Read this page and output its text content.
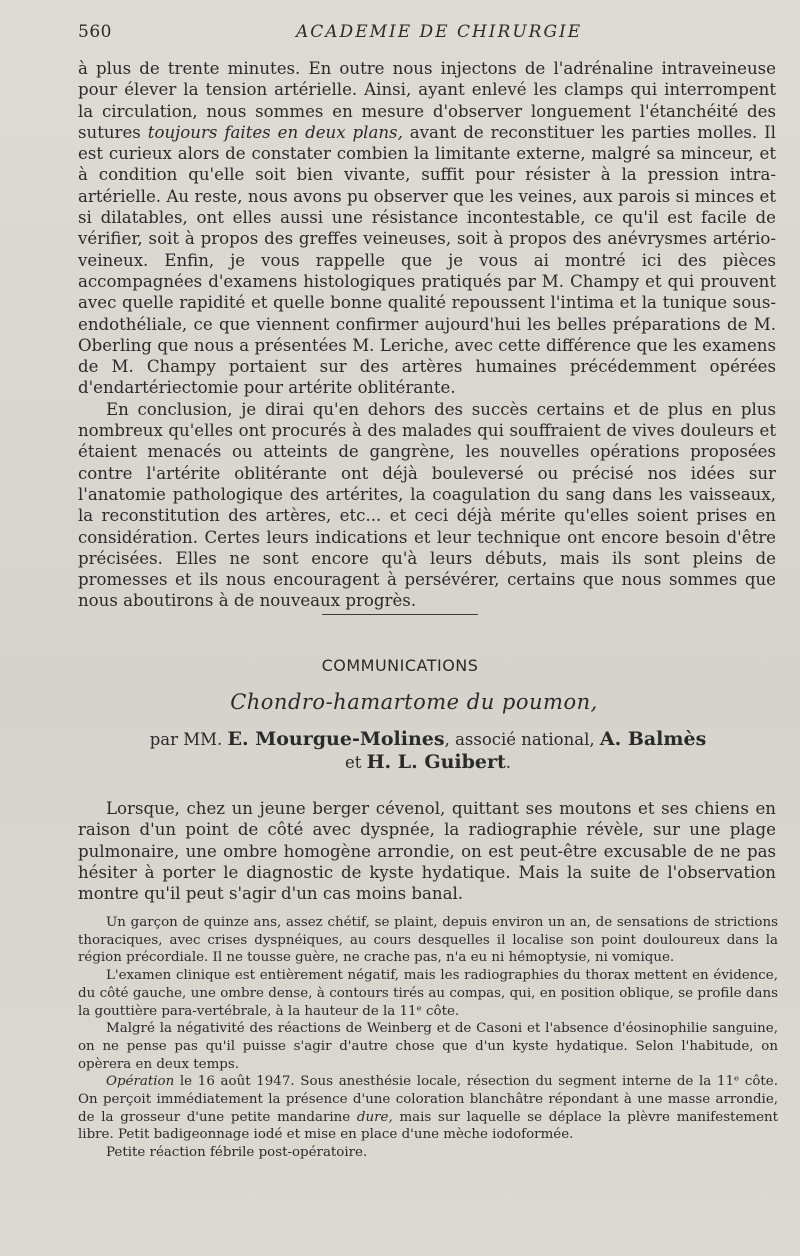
560	ACADEMIE DE CHIRURGIE

à plus de trente minutes. En outre nous injectons de l'adrénaline intraveineuse pour élever la tension artérielle. Ainsi, ayant enlevé les clamps qui interrompent la circulation, nous sommes en mesure d'observer longuement l'étanchéité des sutures toujours faites en deux plans, avant de reconstituer les parties molles. Il est curieux alors de constater combien la limitante externe, malgré sa minceur, et à condition qu'elle soit bien vivante, suffit pour résister à la pression intra-artérielle. Au reste, nous avons pu observer que les veines, aux parois si minces et si dilatables, ont elles aussi une résistance incontestable, ce qu'il est facile de vérifier, soit à propos des greffes veineuses, soit à propos des anévrysmes artério-veineux. Enfin, je vous rappelle que je vous ai montré ici des pièces accompagnées d'examens histologiques pratiqués par M. Champy et qui prouvent avec quelle rapidité et quelle bonne qualité repoussent l'intima et la tunique sous-endothéliale, ce que viennent confirmer aujourd'hui les belles préparations de M. Oberling que nous a présentées M. Leriche, avec cette différence que les examens de M. Champy portaient sur des artères humaines précédemment opérées d'endartériectomie pour artérite oblitérante.

En conclusion, je dirai qu'en dehors des succès certains et de plus en plus nombreux qu'elles ont procurés à des malades qui souffraient de vives douleurs et étaient menacés ou atteints de gangrène, les nouvelles opérations proposées contre l'artérite oblitérante ont déjà bouleversé ou précisé nos idées sur l'anatomie pathologique des artérites, la coagulation du sang dans les vaisseaux, la reconstitution des artères, etc... et ceci déjà mérite qu'elles soient prises en considération. Certes leurs indications et leur technique ont encore besoin d'être précisées. Elles ne sont encore qu'à leurs débuts, mais ils sont pleins de promesses et ils nous encouragent à persévérer, certains que nous sommes que nous aboutirons à de nouveaux progrès.

COMMUNICATIONS
Chondro-hamartome du poumon,
par MM. E. Mourgue-Molines, associé national, A. Balmès
et H. L. Guibert.

Lorsque, chez un jeune berger cévenol, quittant ses moutons et ses chiens en raison d'un point de côté avec dyspnée, la radiographie révèle, sur une plage pulmonaire, une ombre homogène arrondie, on est peut-être excusable de ne pas hésiter à porter le diagnostic de kyste hydatique. Mais la suite de l'observation montre qu'il peut s'agir d'un cas moins banal.

Un garçon de quinze ans, assez chétif, se plaint, depuis environ un an, de sensations de strictions thoraciques, avec crises dyspnéiques, au cours desquelles il localise son point douloureux dans la région précordiale. Il ne tousse guère, ne crache pas, n'a eu ni hémoptysie, ni vomique.

L'examen clinique est entièrement négatif, mais les radiographies du thorax mettent en évidence, du côté gauche, une ombre dense, à contours tirés au compas, qui, en position oblique, se profile dans la gouttière para-vertébrale, à la hauteur de la 11ᵉ côte.

Malgré la négativité des réactions de Weinberg et de Casoni et l'absence d'éosinophilie sanguine, on ne pense pas qu'il puisse s'agir d'autre chose que d'un kyste hydatique. Selon l'habitude, on opèrera en deux temps.

Opération le 16 août 1947. Sous anesthésie locale, résection du segment interne de la 11ᵉ côte. On perçoit immédiatement la présence d'une coloration blanchâtre répondant à une masse arrondie, de la grosseur d'une petite mandarine dure, mais sur laquelle se déplace la plèvre manifestement libre. Petit badigeonnage iodé et mise en place d'une mèche iodoformée.

Petite réaction fébrile post-opératoire.
